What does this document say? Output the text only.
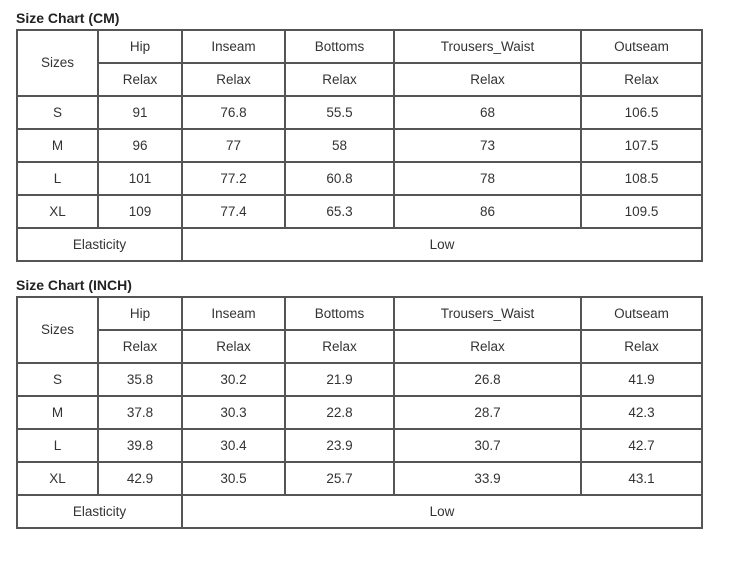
Size Chart (CM)
Sizes	Hip	Inseam	Bottoms	Trousers_Waist	Outseam
	Relax	Relax	Relax	Relax	Relax
S	91	76.8	55.5	68	106.5
M	96	77	58	73	107.5
L	101	77.2	60.8	78	108.5
XL	109	77.4	65.3	86	109.5
Elasticity		Low			
Size Chart (INCH)
Sizes	Hip	Inseam	Bottoms	Trousers_Waist	Outseam
	Relax	Relax	Relax	Relax	Relax
S	35.8	30.2	21.9	26.8	41.9
M	37.8	30.3	22.8	28.7	42.3
L	39.8	30.4	23.9	30.7	42.7
XL	42.9	30.5	25.7	33.9	43.1
Elasticity		Low			
